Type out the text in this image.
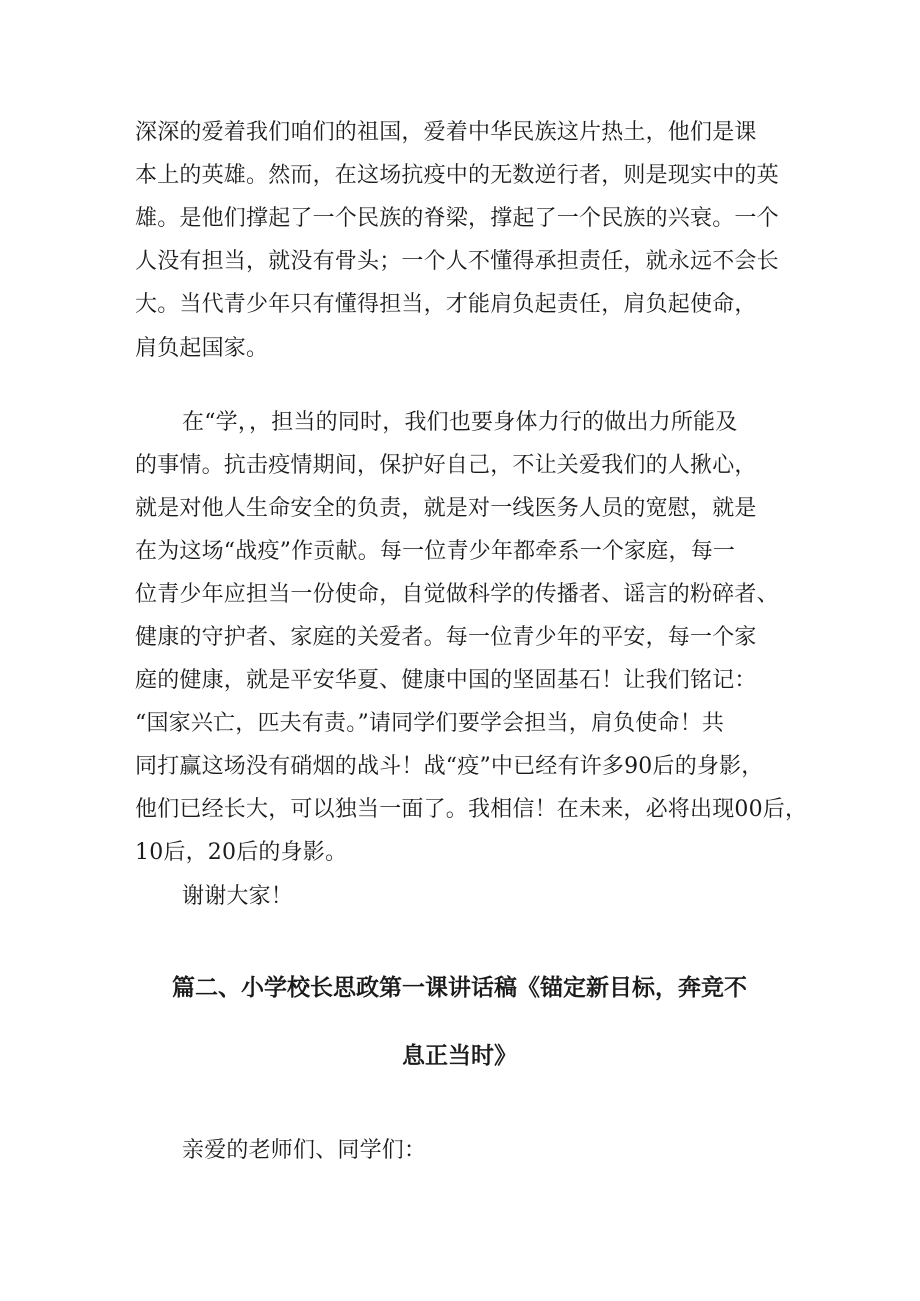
深深的爱着我们咱们的祖国，爱着中华民族这片热土，他们是课

本上的英雄。然而，在这场抗疫中的无数逆行者，则是现实中的英

雄。是他们撑起了一个民族的脊梁，撑起了一个民族的兴衰。一个

人没有担当，就没有骨头；一个人不懂得承担责任，就永远不会长

大。当代青少年只有懂得担当，才能肩负起责任，肩负起使命，

肩负起国家。

在“学，，担当的同时，我们也要身体力行的做出力所能及

的事情。抗击疫情期间，保护好自己，不让关爱我们的人揪心，

就是对他人生命安全的负责，就是对一线医务人员的宽慰，就是

在为这场“战疫”作贡献。每一位青少年都牵系一个家庭，每一

位青少年应担当一份使命，自觉做科学的传播者、谣言的粉碎者、

健康的守护者、家庭的关爱者。每一位青少年的平安，每一个家

庭的健康，就是平安华夏、健康中国的坚固基石！让我们铭记：

“国家兴亡，匹夫有责。”请同学们要学会担当，肩负使命！共

同打赢这场没有硝烟的战斗！战“疫”中已经有许多90后的身影，

他们已经长大，可以独当一面了。我相信！在未来，必将出现00后，

10后，20后的身影。

谢谢大家！

篇二、小学校长思政第一课讲话稿《锚定新目标，奔竞不
息正当时》

亲爱的老师们、同学们：
